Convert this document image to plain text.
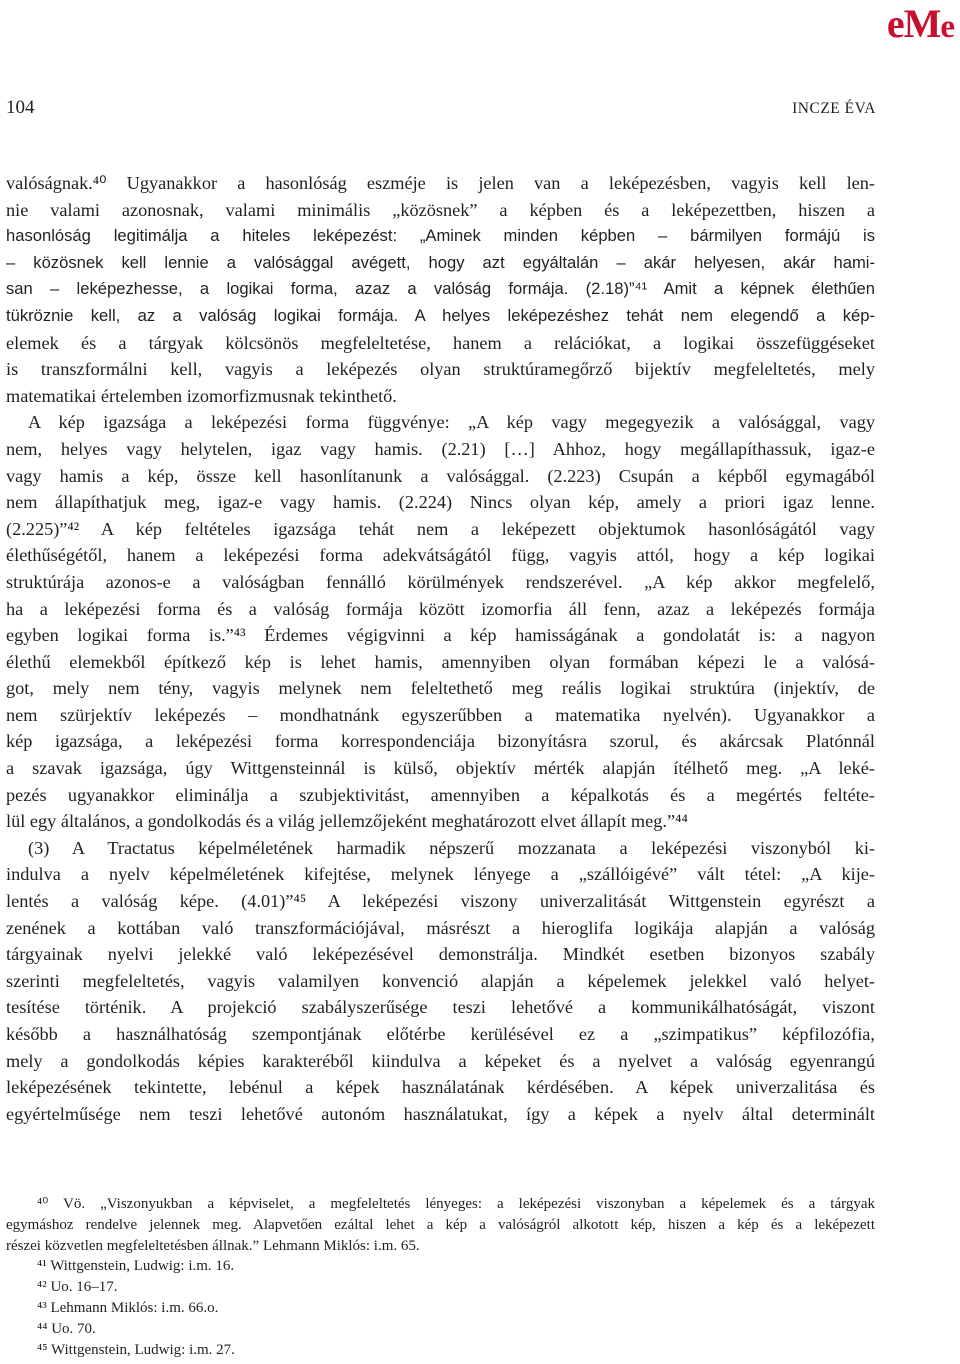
eMe
104	INCZE ÉVA
valóságnak.⁴⁰ Ugyanakkor a hasonlóság eszméje is jelen van a leképezésben, vagyis kell len-
nie valami azonosnak, valami minimális „közösnek” a képben és a leképezettben, hiszen a
hasonlóság legitimálja a hiteles leképezést: „Aminek minden képben – bármilyen formájú is
– közösnek kell lennie a valósággal avégett, hogy azt egyáltalán – akár helyesen, akár hami-
san – leképezhesse, a logikai forma, azaz a valóság formája. (2.18)”⁴¹ Amit a képnek élethűen
tükröznie kell, az a valóság logikai formája. A helyes leképezéshez tehát nem elegendő a kép-
elemek és a tárgyak kölcsönös megfeleltetése, hanem a relációkat, a logikai összefüggéseket
is transzformálni kell, vagyis a leképezés olyan struktúramegőrző bijektív megfeleltetés, mely
matematikai értelemben izomorfizmusnak tekinthető.
A kép igazsága a leképezési forma függvénye: „A kép vagy megegyezik a valósággal, vagy
nem, helyes vagy helytelen, igaz vagy hamis. (2.21) […] Ahhoz, hogy megállapíthassuk, igaz-e
vagy hamis a kép, össze kell hasonlítanunk a valósággal. (2.223) Csupán a képből egymagából
nem állapíthatjuk meg, igaz-e vagy hamis. (2.224) Nincs olyan kép, amely a priori igaz lenne.
(2.225)”⁴² A kép feltételes igazsága tehát nem a leképezett objektumok hasonlóságától vagy
élethűségétől, hanem a leképezési forma adekvátságától függ, vagyis attól, hogy a kép logikai
struktúrája azonos-e a valóságban fennálló körülmények rendszerével. „A kép akkor megfelelő,
ha a leképezési forma és a valóság formája között izomorfia áll fenn, azaz a leképezés formája
egyben logikai forma is.”⁴³ Érdemes végigvinni a kép hamisságának a gondolatát is: a nagyon
élethű elemekből építkező kép is lehet hamis, amennyiben olyan formában képezi le a valósá-
got, mely nem tény, vagyis melynek nem feleltethető meg reális logikai struktúra (injektív, de
nem szürjektív leképezés – mondhatnánk egyszerűbben a matematika nyelvén). Ugyanakkor a
kép igazsága, a leképezési forma korrespondenciája bizonyításra szorul, és akárcsak Platónnál
a szavak igazsága, úgy Wittgensteinnál is külső, objektív mérték alapján ítélhető meg. „A leké-
pezés ugyanakkor eliminálja a szubjektivitást, amennyiben a képalkotás és a megértés feltéte-
lül egy általános, a gondolkodás és a világ jellemzőjeként meghatározott elvet állapít meg.”⁴⁴
(3) A Tractatus képelméletének harmadik népszerű mozzanata a leképezési viszonyból ki-
indulva a nyelv képelméletének kifejtése, melynek lényege a „szállóigévé” vált tétel: „A kije-
lentés a valóság képe. (4.01)”⁴⁵ A leképezési viszony univerzalitását Wittgenstein egyrészt a
zenének a kottában való transzformációjával, másrészt a hieroglifa logikája alapján a valóság
tárgyainak nyelvi jelekké való leképezésével demonstrálja. Mindkét esetben bizonyos szabály
szerinti megfeleltetés, vagyis valamilyen konvenció alapján a képelemek jelekkel való helyet-
tesítése történik. A projekció szabályszerűsége teszi lehetővé a kommunikálhatóságát, viszont
később a használhatóság szempontjának előtérbe kerülésével ez a „szimpatikus” képfilozófia,
mely a gondolkodás képies karakteréből kiindulva a képeket és a nyelvet a valóság egyenrangú
leképezésének tekintette, lebénul a képek használatának kérdésében. A képek univerzalitása és
egyértelműsége nem teszi lehetővé autonóm használatukat, így a képek a nyelv által determinált
⁴⁰ Vö. „Viszonyukban a képviselet, a megfeleltetés lényeges: a leképezési viszonyban a képelemek és a tárgyak
egymáshoz rendelve jelennek meg. Alapvetően ezáltal lehet a kép a valóságról alkotott kép, hiszen a kép és a leképezett
részei közvetlen megfeleltetésben állnak.” Lehmann Miklós: i.m. 65.
⁴¹ Wittgenstein, Ludwig: i.m. 16.
⁴² Uo. 16–17.
⁴³ Lehmann Miklós: i.m. 66.o.
⁴⁴ Uo. 70.
⁴⁵ Wittgenstein, Ludwig: i.m. 27.
